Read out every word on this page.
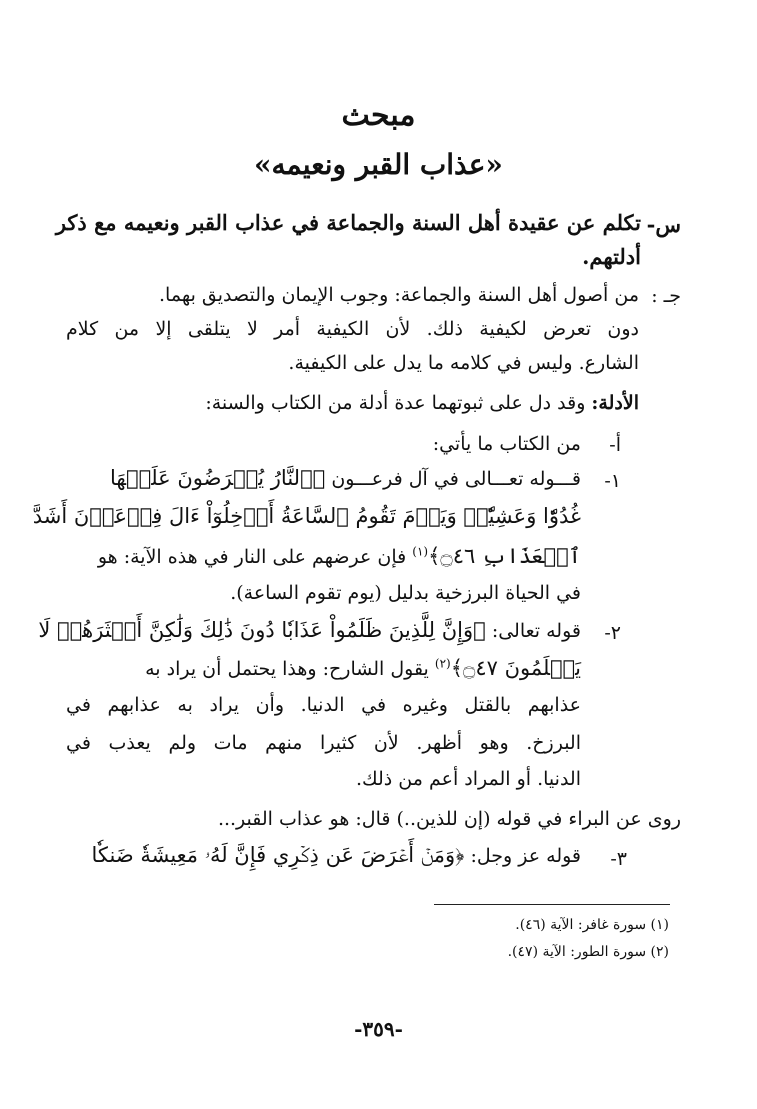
مبحث
«عذاب القبر ونعيمه»
س-
تكلم عن عقيدة أهل السنة والجماعة في عذاب القبر ونعيمه مع ذكر
أدلتهم.
جـ :
من أصول أهل السنة والجماعة: وجوب الإيمان والتصديق بهما.
دون تعرض لكيفية ذلك. لأن الكيفية أمر لا يتلقى إلا من كلام
الشارع. وليس في كلامه ما يدل على الكيفية.
الأدلة: وقد دل على ثبوتهما عدة أدلة من الكتاب والسنة:
أ-
من الكتاب ما يأتي:
١-
قـــوله تعـــالى في آل فرعـــون ﴿ٱلنَّارُ يُعۡرَضُونَ عَلَيۡهَا
غُدُوّٗا وَعَشِيّٗاۚ وَيَوۡمَ تَقُومُ ٱلسَّاعَةُ أَدۡخِلُوٓاْ ءَالَ فِرۡعَوۡنَ أَشَدَّ
ٱلۡعَذَابِ ۝٤٦﴾$^{(١)}$ فإن عرضهم على النار في هذه الآية: هو
في الحياة البرزخية بدليل (يوم تقوم الساعة).
٢-
قوله تعالى: ﴿وَإِنَّ لِلَّذِينَ ظَلَمُواْ عَذَابٗا دُونَ ذَٰلِكَ وَلَٰكِنَّ أَكۡثَرَهُمۡ لَا
يَعۡلَمُونَ ۝٤٧﴾$^{(٢)}$ يقول الشارح: وهذا يحتمل أن يراد به
عذابهم بالقتل وغيره في الدنيا. وأن يراد به عذابهم في
البرزخ. وهو أظهر. لأن كثيرا منهم مات ولم يعذب في
الدنيا. أو المراد أعم من ذلك.
روى عن البراء في قوله (إن للذين..) قال: هو عذاب القبر...
٣-
قوله عز وجل: ﴿وَمَنۡ أَعۡرَضَ عَن ذِكۡرِي فَإِنَّ لَهُۥ مَعِيشَةٗ ضَنكٗا
(١) سورة غافر: الآية (٤٦).
(٢) سورة الطور: الآية (٤٧).
-٣٥٩-
